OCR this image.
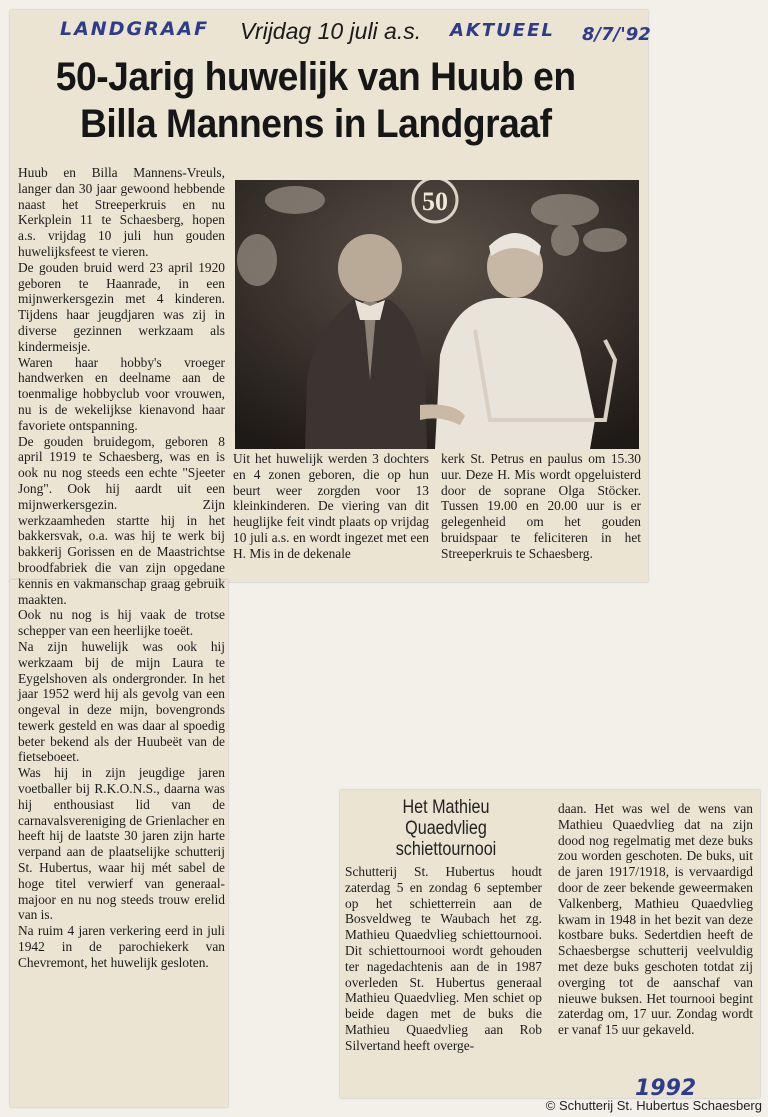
LANDGRAAF	AKTUEEL 8/7/'92
1992
Vrijdag 10 juli a.s.
50-Jarig huwelijk van Huub en
Billa Mannens in Landgraaf

Huub en Billa Mannens-Vreuls, langer dan 30 jaar gewoond hebbende naast het Streeperkruis en nu Kerkplein 11 te Schaesberg, hopen a.s. vrijdag 10 juli hun gouden huwelijksfeest te vieren.

De gouden bruid werd 23 april 1920 geboren te Haanrade, in een mijnwerkersgezin met 4 kinderen. Tijdens haar jeugdjaren was zij in diverse gezinnen werkzaam als kindermeisje.

Waren haar hobby's vroeger handwerken en deelname aan de toenmalige hobbyclub voor vrouwen, nu is de wekelijkse kienavond haar favoriete ontspanning.

De gouden bruidegom, geboren 8 april 1919 te Schaesberg, was en is ook nu nog steeds een echte "Sjeeter Jong". Ook hij aardt uit een mijnwerkersgezin. Zijn werkzaamheden startte hij in het bakkersvak, o.a. was hij te werk bij bakkerij Gorissen en de Maastrichtse broodfabriek die van zijn opgedane kennis en vakmanschap graag gebruik maakten.

Ook nu nog is hij vaak de trotse schepper van een heerlijke toeët.

Na zijn huwelijk was ook hij werkzaam bij de mijn Laura te Eygelshoven als ondergronder. In het jaar 1952 werd hij als gevolg van een ongeval in deze mijn, bovengronds tewerk gesteld en was daar al spoedig beter bekend als der Huubeët van de fietseboeet.

Was hij in zijn jeugdige jaren voetballer bij R.K.O.N.S., daarna was hij enthousiast lid van de carnavalsvereniging de Grienlacher en heeft hij de laatste 30 jaren zijn harte verpand aan de plaatselijke schutterij St. Hubertus, waar hij mét sabel de hoge titel verwierf van generaal-majoor en nu nog steeds trouw erelid van is.

Na ruim 4 jaren verkering eerd in juli 1942 in de parochiekerk van Chevremont, het huwelijk gesloten.

50
Uit het huwelijk werden 3 dochters en 4 zonen geboren, die op hun beurt weer zorgden voor 13 kleinkinderen. De viering van dit heuglijke feit vindt plaats op vrijdag 10 juli a.s. en wordt ingezet met een H. Mis in de dekenale
kerk St. Petrus en paulus om 15.30 uur. Deze H. Mis wordt opgeluisterd door de soprane Olga Stöcker. Tussen 19.00 en 20.00 uur is er gelegenheid om het gouden bruidspaar te feliciteren in het Streeperkruis te Schaesberg.
Het Mathieu
Quaedvlieg
schiettournooi
Schutterij St. Hubertus houdt zaterdag 5 en zondag 6 september op het schietterrein aan de Bosveldweg te Waubach het zg. Mathieu Quaedvlieg schiettournooi. Dit schiettournooi wordt gehouden ter nagedachtenis aan de in 1987 overleden St. Hubertus generaal Mathieu Quaedvlieg. Men schiet op beide dagen met de buks die Mathieu Quaedvlieg aan Rob Silvertand heeft overge-
daan. Het was wel de wens van Mathieu Quaedvlieg dat na zijn dood nog regelmatig met deze buks zou worden geschoten. De buks, uit de jaren 1917/1918, is vervaardigd door de zeer bekende geweermaken Valkenberg, Mathieu Quaedvlieg kwam in 1948 in het bezit van deze kostbare buks. Sedertdien heeft de Schaesbergse schutterij veelvuldig met deze buks geschoten totdat zij overging tot de aanschaf van nieuwe buksen. Het tournooi begint zaterdag om, 17 uur. Zondag wordt er vanaf 15 uur gekaveld.
© Schutterij St. Hubertus Schaesberg
